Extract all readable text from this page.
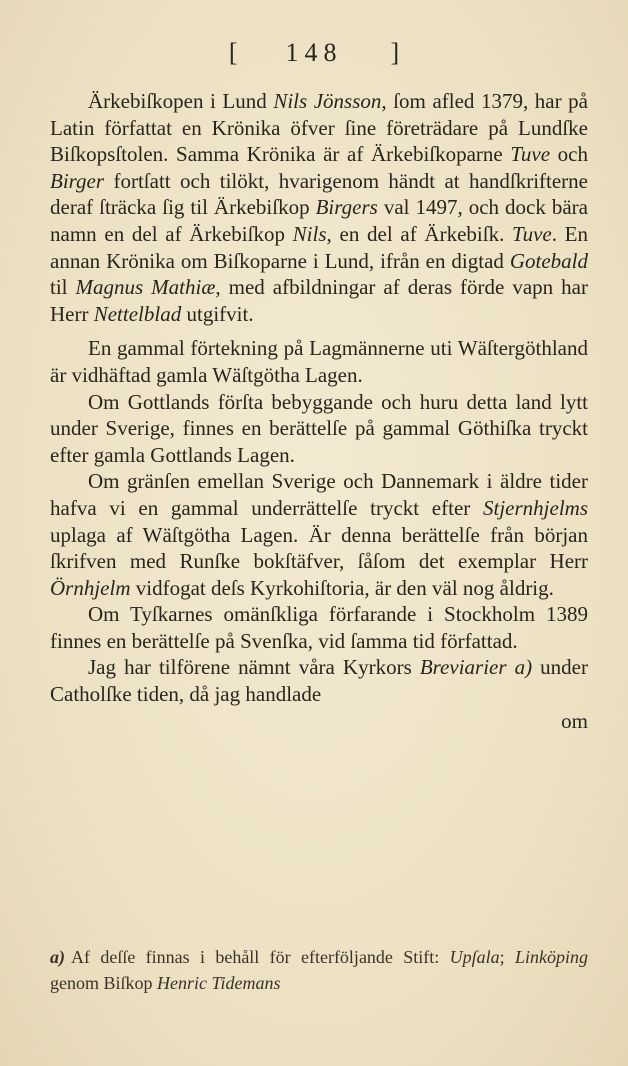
[ 148 ]

Ärkebiſkopen i Lund Nils Jönsson, ſom afled 1379, har på Latin författat en Krönika öfver ſine företrädare på Lundſke Biſkopsſtolen. Samma Krönika är af Ärkebiſkoparne Tuve och Birger fortſatt och tilökt, hvarigenom händt at handſkrifterne deraf ſträcka ſig til Ärkebiſkop Birgers val 1497, och dock bära namn en del af Ärkebiſkop Nils, en del af Ärkebiſk. Tuve. En annan Krönika om Biſkoparne i Lund, ifrån en digtad Gotebald til Magnus Mathiæ, med afbildningar af deras förde vapn har Herr Nettelblad utgifvit.

En gammal förtekning på Lagmännerne uti Wäſtergöthland är vidhäftad gamla Wäſtgötha Lagen.

Om Gottlands förſta bebyggande och huru detta land lytt under Sverige, finnes en berättelſe på gammal Göthiſka tryckt efter gamla Gottlands Lagen.

Om gränſen emellan Sverige och Dannemark i äldre tider hafva vi en gammal underrättelſe tryckt efter Stjernhjelms uplaga af Wäſtgötha Lagen. Är denna berättelſe från början ſkrifven med Runſke bokſtäfver, ſåſom det exemplar Herr Örnhjelm vidfogat deſs Kyrkohiſtoria, är den väl nog åldrig.

Om Tyſkarnes omänſkliga förfarande i Stockholm 1389 finnes en berättelſe på Svenſka, vid ſamma tid författad.

Jag har tilförene nämnt våra Kyrkors Breviarier a) under Catholſke tiden, då jag handlade

om
a) Af deſſe finnas i behåll för efterföljande Stift: Upſala; Linköping genom Biſkop Henric Tidemans
